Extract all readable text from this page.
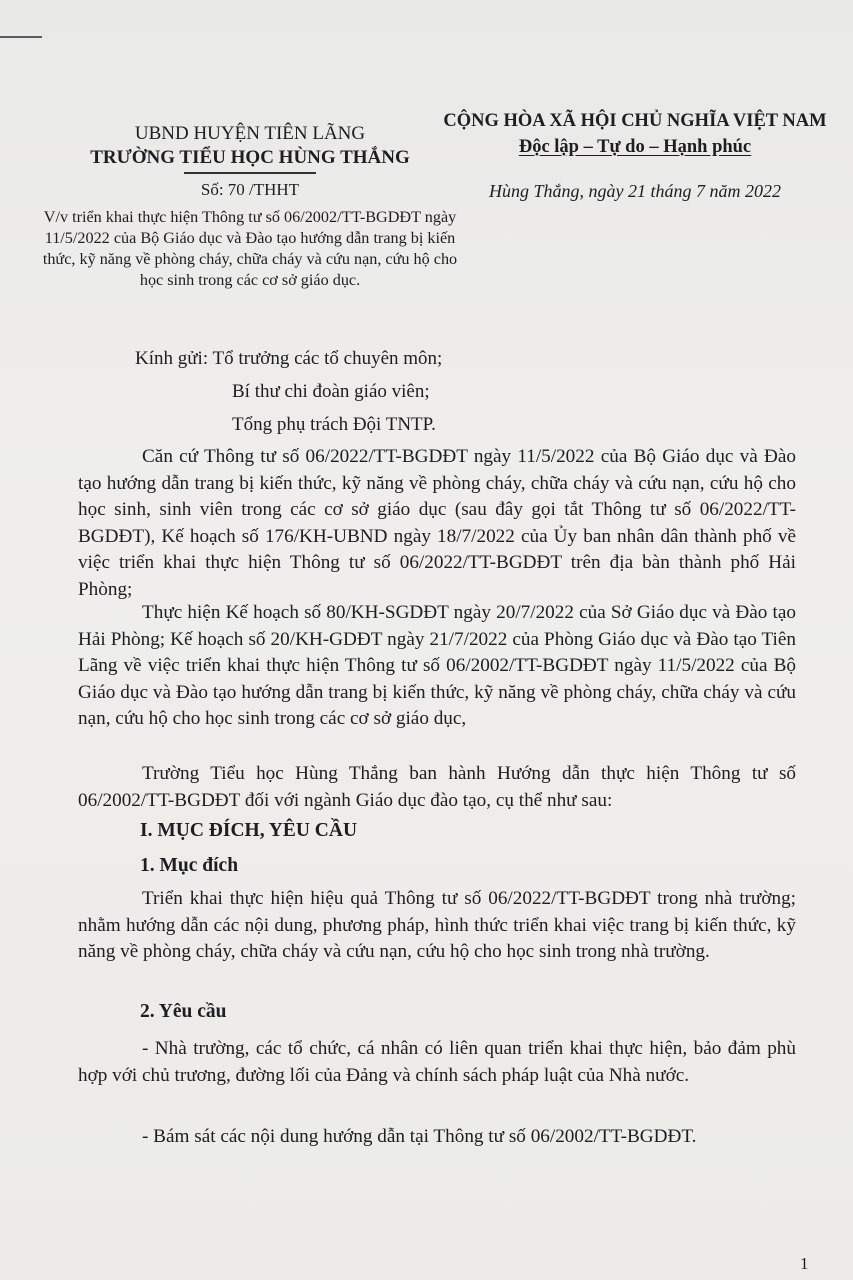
UBND HUYỆN TIÊN LÃNG
TRƯỜNG TIỂU HỌC HÙNG THẮNG
CỘNG HÒA XÃ HỘI CHỦ NGHĨA VIỆT NAM
Độc lập – Tự do – Hạnh phúc
Số: 70 /THHT
V/v triển khai thực hiện Thông tư số 06/2002/TT-BGDĐT ngày 11/5/2022 của Bộ Giáo dục và Đào tạo hướng dẫn trang bị kiến thức, kỹ năng về phòng cháy, chữa cháy và cứu nạn, cứu hộ cho học sinh trong các cơ sở giáo dục.
Hùng Thắng, ngày 21 tháng 7 năm 2022
Kính gửi: Tổ trưởng các tổ chuyên môn;
Bí thư chi đoàn giáo viên;
Tổng phụ trách Đội TNTP.
Căn cứ Thông tư số 06/2022/TT-BGDĐT ngày 11/5/2022 của Bộ Giáo dục và Đào tạo hướng dẫn trang bị kiến thức, kỹ năng về phòng cháy, chữa cháy và cứu nạn, cứu hộ cho học sinh, sinh viên trong các cơ sở giáo dục (sau đây gọi tắt Thông tư số 06/2022/TT-BGDĐT), Kế hoạch số 176/KH-UBND ngày 18/7/2022 của Ủy ban nhân dân thành phố về việc triển khai thực hiện Thông tư số 06/2022/TT-BGDĐT trên địa bàn thành phố Hải Phòng;
Thực hiện Kế hoạch số 80/KH-SGDĐT ngày 20/7/2022 của Sở Giáo dục và Đào tạo Hải Phòng; Kế hoạch số 20/KH-GDĐT ngày 21/7/2022 của Phòng Giáo dục và Đào tạo Tiên Lãng về việc triển khai thực hiện Thông tư số 06/2002/TT-BGDĐT ngày 11/5/2022 của Bộ Giáo dục và Đào tạo hướng dẫn trang bị kiến thức, kỹ năng về phòng cháy, chữa cháy và cứu nạn, cứu hộ cho học sinh trong các cơ sở giáo dục,
Trường Tiểu học Hùng Thắng ban hành Hướng dẫn thực hiện Thông tư số 06/2002/TT-BGDĐT đối với ngành Giáo dục đào tạo, cụ thể như sau:
I. MỤC ĐÍCH, YÊU CẦU
1. Mục đích
Triển khai thực hiện hiệu quả Thông tư số 06/2022/TT-BGDĐT trong nhà trường; nhằm hướng dẫn các nội dung, phương pháp, hình thức triển khai việc trang bị kiến thức, kỹ năng về phòng cháy, chữa cháy và cứu nạn, cứu hộ cho học sinh trong nhà trường.
2. Yêu cầu
- Nhà trường, các tổ chức, cá nhân có liên quan triển khai thực hiện, bảo đảm phù hợp với chủ trương, đường lối của Đảng và chính sách pháp luật của Nhà nước.
- Bám sát các nội dung hướng dẫn tại Thông tư số 06/2002/TT-BGDĐT.
1
